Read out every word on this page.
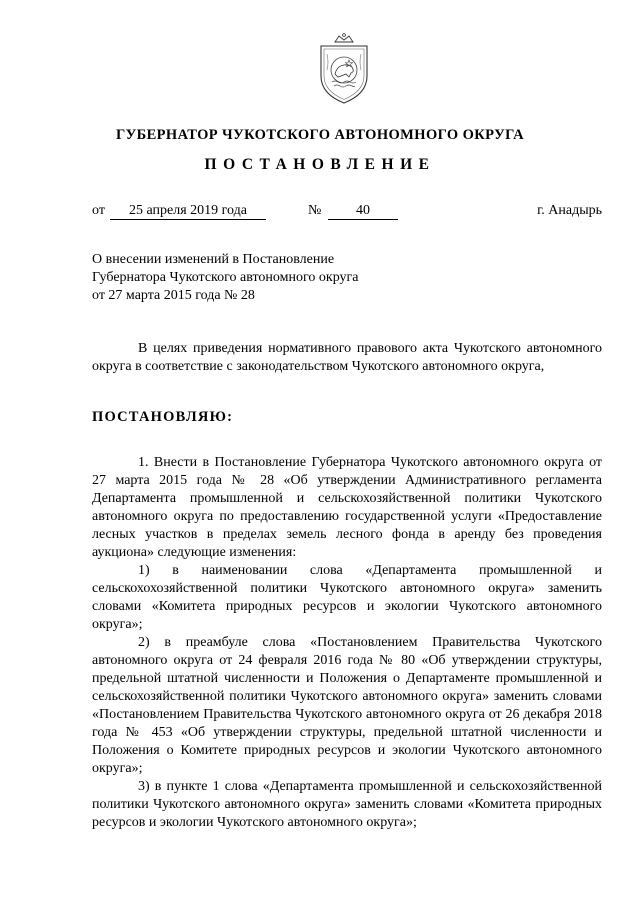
ГУБЕРНАТОР ЧУКОТСКОГО АВТОНОМНОГО ОКРУГА
ПОСТАНОВЛЕНИЕ
от	25 апреля 2019 года	№	40	г. Анадырь
О внесении изменений в Постановление
Губернатора Чукотского автономного округа
от 27 марта 2015 года № 28
В целях приведения нормативного правового акта Чукотского автономного округа в соответствие с законодательством Чукотского автономного округа,
ПОСТАНОВЛЯЮ:

1. Внести в Постановление Губернатора Чукотского автономного округа от 27 марта 2015 года № 28 «Об утверждении Административного регламента Департамента промышленной и сельскохозяйственной политики Чукотского автономного округа по предоставлению государственной услуги «Предоставление лесных участков в пределах земель лесного фонда в аренду без проведения аукциона» следующие изменения:

1) в наименовании слова «Департамента промышленной и сельскохохозяйственной политики Чукотского автономного округа» заменить словами «Комитета природных ресурсов и экологии Чукотского автономного округа»;

2) в преамбуле слова «Постановлением Правительства Чукотского автономного округа от 24 февраля 2016 года № 80 «Об утверждении структуры, предельной штатной численности и Положения о Департаменте промышленной и сельскохозяйственной политики Чукотского автономного округа» заменить словами «Постановлением Правительства Чукотского автономного округа от 26 декабря 2018 года № 453 «Об утверждении структуры, предельной штатной численности и Положения о Комитете природных ресурсов и экологии Чукотского автономного округа»;

3) в пункте 1 слова «Департамента промышленной и сельскохозяйственной политики Чукотского автономного округа» заменить словами «Комитета природных ресурсов и экологии Чукотского автономного округа»;
